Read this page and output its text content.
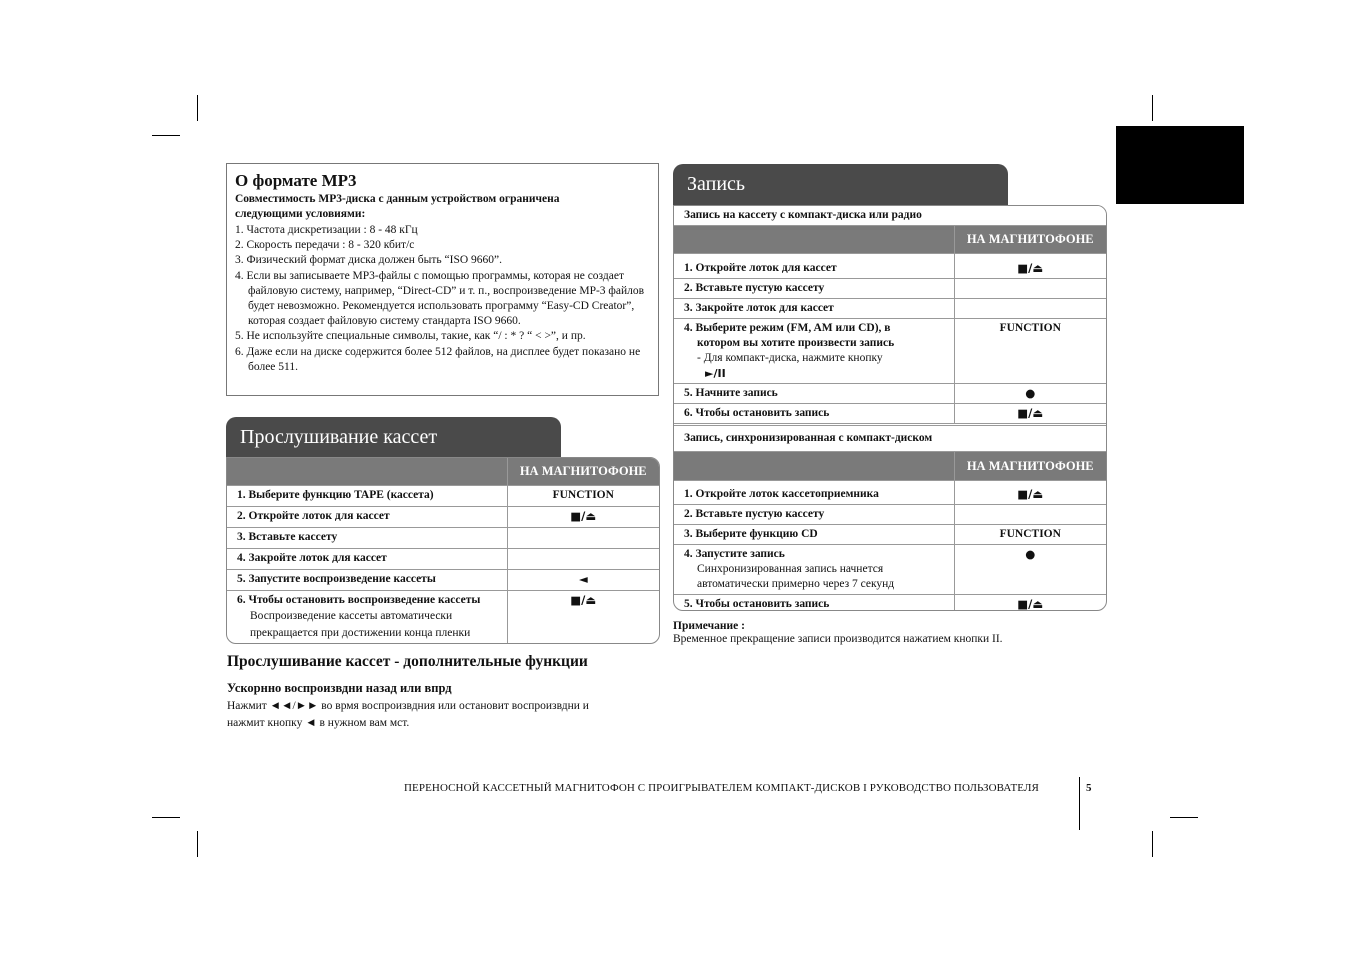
О формате MP3
Совместимость MP3-диска с данным устройством ограничена
следующими условиями:
1. Частота дискретизации : 8 - 48 кГц
2. Скорость передачи : 8 - 320 кбит/с
3. Физический формат диска должен быть “ISO 9660”.
4. Если вы записываете MP3-файлы с помощью программы, которая не создает файловую систему, например, “Direct-CD” и т. п., воспроизведение MP-3 файлов будет невозможно. Рекомендуется использовать программу “Easy-CD Creator”, которая создает файловую систему стандарта ISO 9660.
5. Не используйте специальные символы, такие, как “/ : * ? “ < >”, и пр.
6. Даже если на диске содержится более 512 файлов, на дисплее будет показано не более 511.
Прослушивание кассет
	НА МАГНИТОФОНЕ
1. Выберите функцию TAPE (кассета)	FUNCTION
2. Откройте лоток для кассет	■/⏏
3. Вставьте кассету	
4. Закройте лоток для кассет	
5. Запустите воспроизведение кассеты	◄

6. Чтобы остановить воспроизведение кассеты
Воспроизведение кассеты автоматически
прекращается при достижении конца пленки	■/⏏
Прослушивание кассет - дополнительные функции
Ускорнно воспроизвдни назад или впрд
Нажмит ◄◄/►► во врмя воспроизвдния или остановит воспроизвдни и
нажмит кнопку ◄ в нужном вам мст.
Запись
Запись на кассету с компакт-диска или радио	
	НА МАГНИТОФОНЕ
1. Откройте лоток для кассет	■/⏏
2. Вставьте пустую кассету	
3. Закройте лоток для кассет	

4. Выберите режим (FM, AM или CD), в
котором вы хотите произвести запись
- Для компакт-диска, нажмите кнопку
►/II	FUNCTION
5. Начните запись	●
6. Чтобы остановить запись	■/⏏
Запись, синхронизированная с компакт-диском	
	НА МАГНИТОФОНЕ
1. Откройте лоток кассетоприемника	■/⏏
2. Вставьте пустую кассету	
3. Выберите функцию CD	FUNCTION

4. Запустите запись
Синхронизированная запись начнется
автоматически примерно через 7 секунд	●
5. Чтобы остановить запись	■/⏏
Примечание :
Временное прекращение записи производится нажатием кнопки II.
ПЕРЕНОСНОЙ КАССЕТНЫЙ МАГНИТОФОН С ПРОИГРЫВАТЕЛЕМ КОМПАКТ-ДИСКОВ I РУКОВОДСТВО ПОЛЬЗОВАТЕЛЯ	5
